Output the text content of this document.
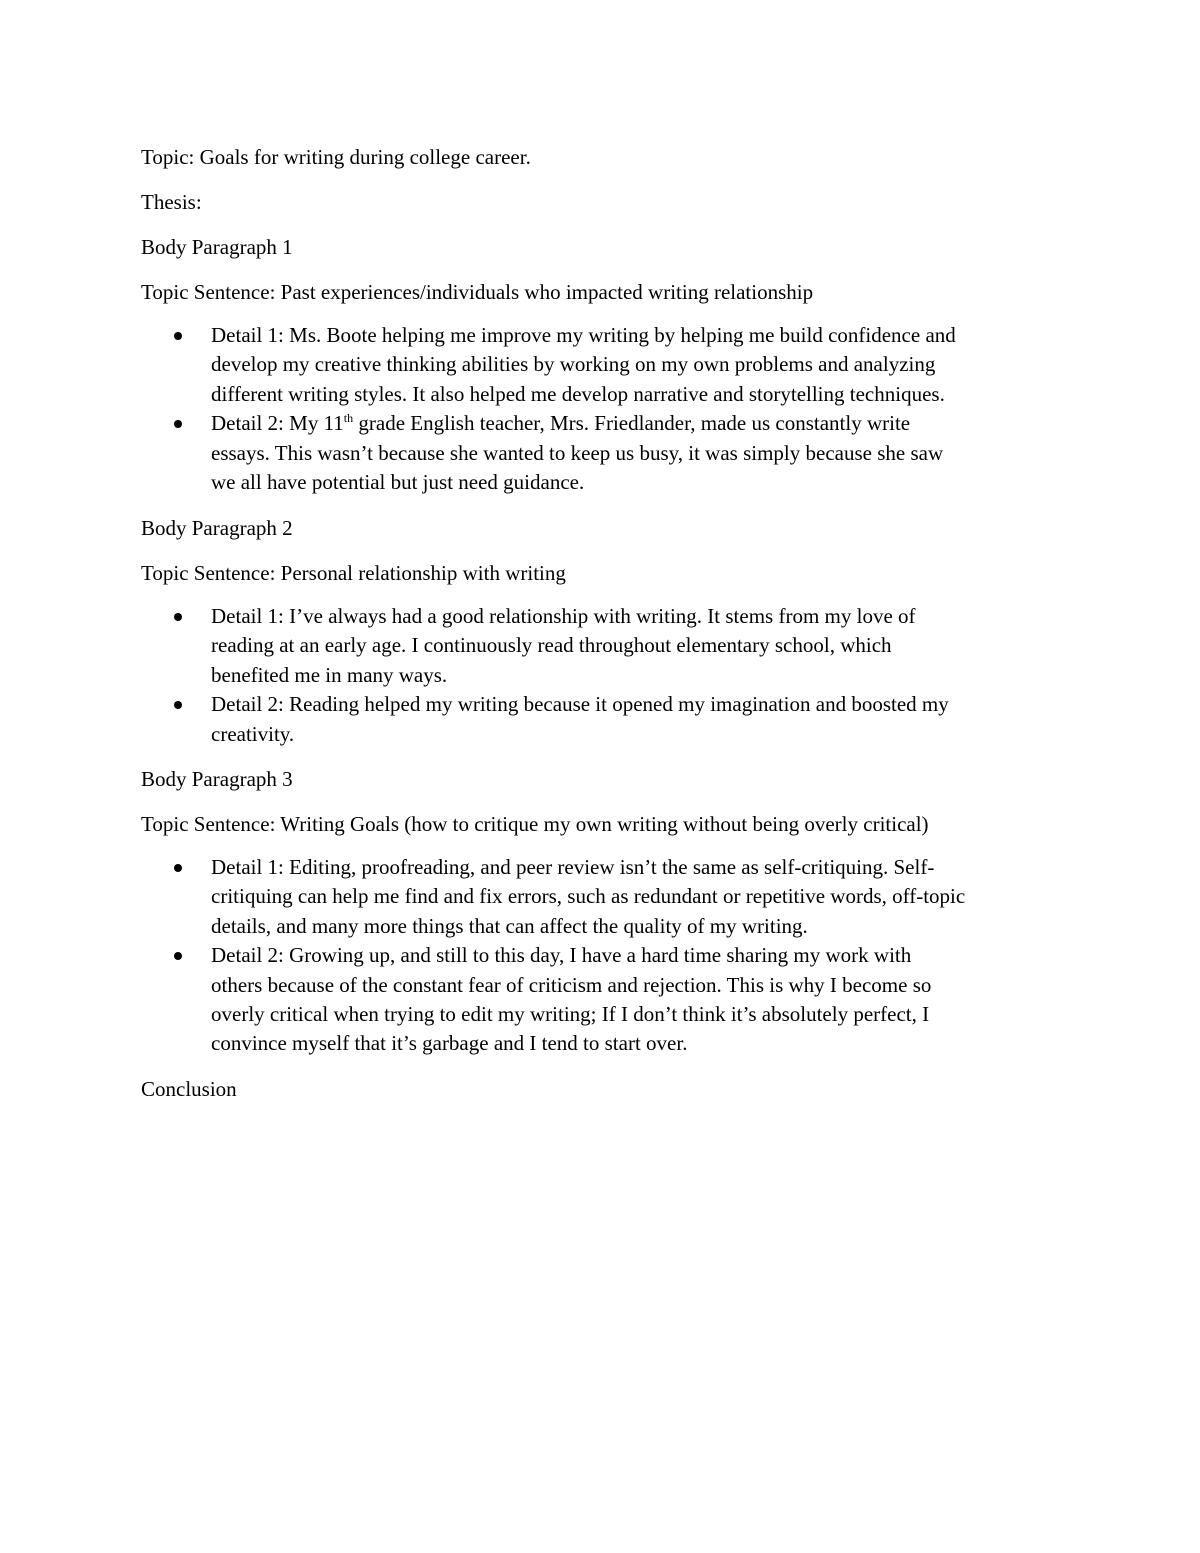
Topic: Goals for writing during college career.
Thesis:
Body Paragraph 1
Topic Sentence: Past experiences/individuals who impacted writing relationship
Detail 1: Ms. Boote helping me improve my writing by helping me build confidence and
develop my creative thinking abilities by working on my own problems and analyzing
different writing styles. It also helped me develop narrative and storytelling techniques.
Detail 2: My 11th grade English teacher, Mrs. Friedlander, made us constantly write
essays. This wasn’t because she wanted to keep us busy, it was simply because she saw
we all have potential but just need guidance.
Body Paragraph 2
Topic Sentence: Personal relationship with writing
Detail 1: I’ve always had a good relationship with writing. It stems from my love of
reading at an early age. I continuously read throughout elementary school, which
benefited me in many ways.
Detail 2: Reading helped my writing because it opened my imagination and boosted my
creativity.
Body Paragraph 3
Topic Sentence: Writing Goals (how to critique my own writing without being overly critical)
Detail 1: Editing, proofreading, and peer review isn’t the same as self-critiquing. Self-
critiquing can help me find and fix errors, such as redundant or repetitive words, off-topic
details, and many more things that can affect the quality of my writing.
Detail 2: Growing up, and still to this day, I have a hard time sharing my work with
others because of the constant fear of criticism and rejection. This is why I become so
overly critical when trying to edit my writing; If I don’t think it’s absolutely perfect, I
convince myself that it’s garbage and I tend to start over.
Conclusion
